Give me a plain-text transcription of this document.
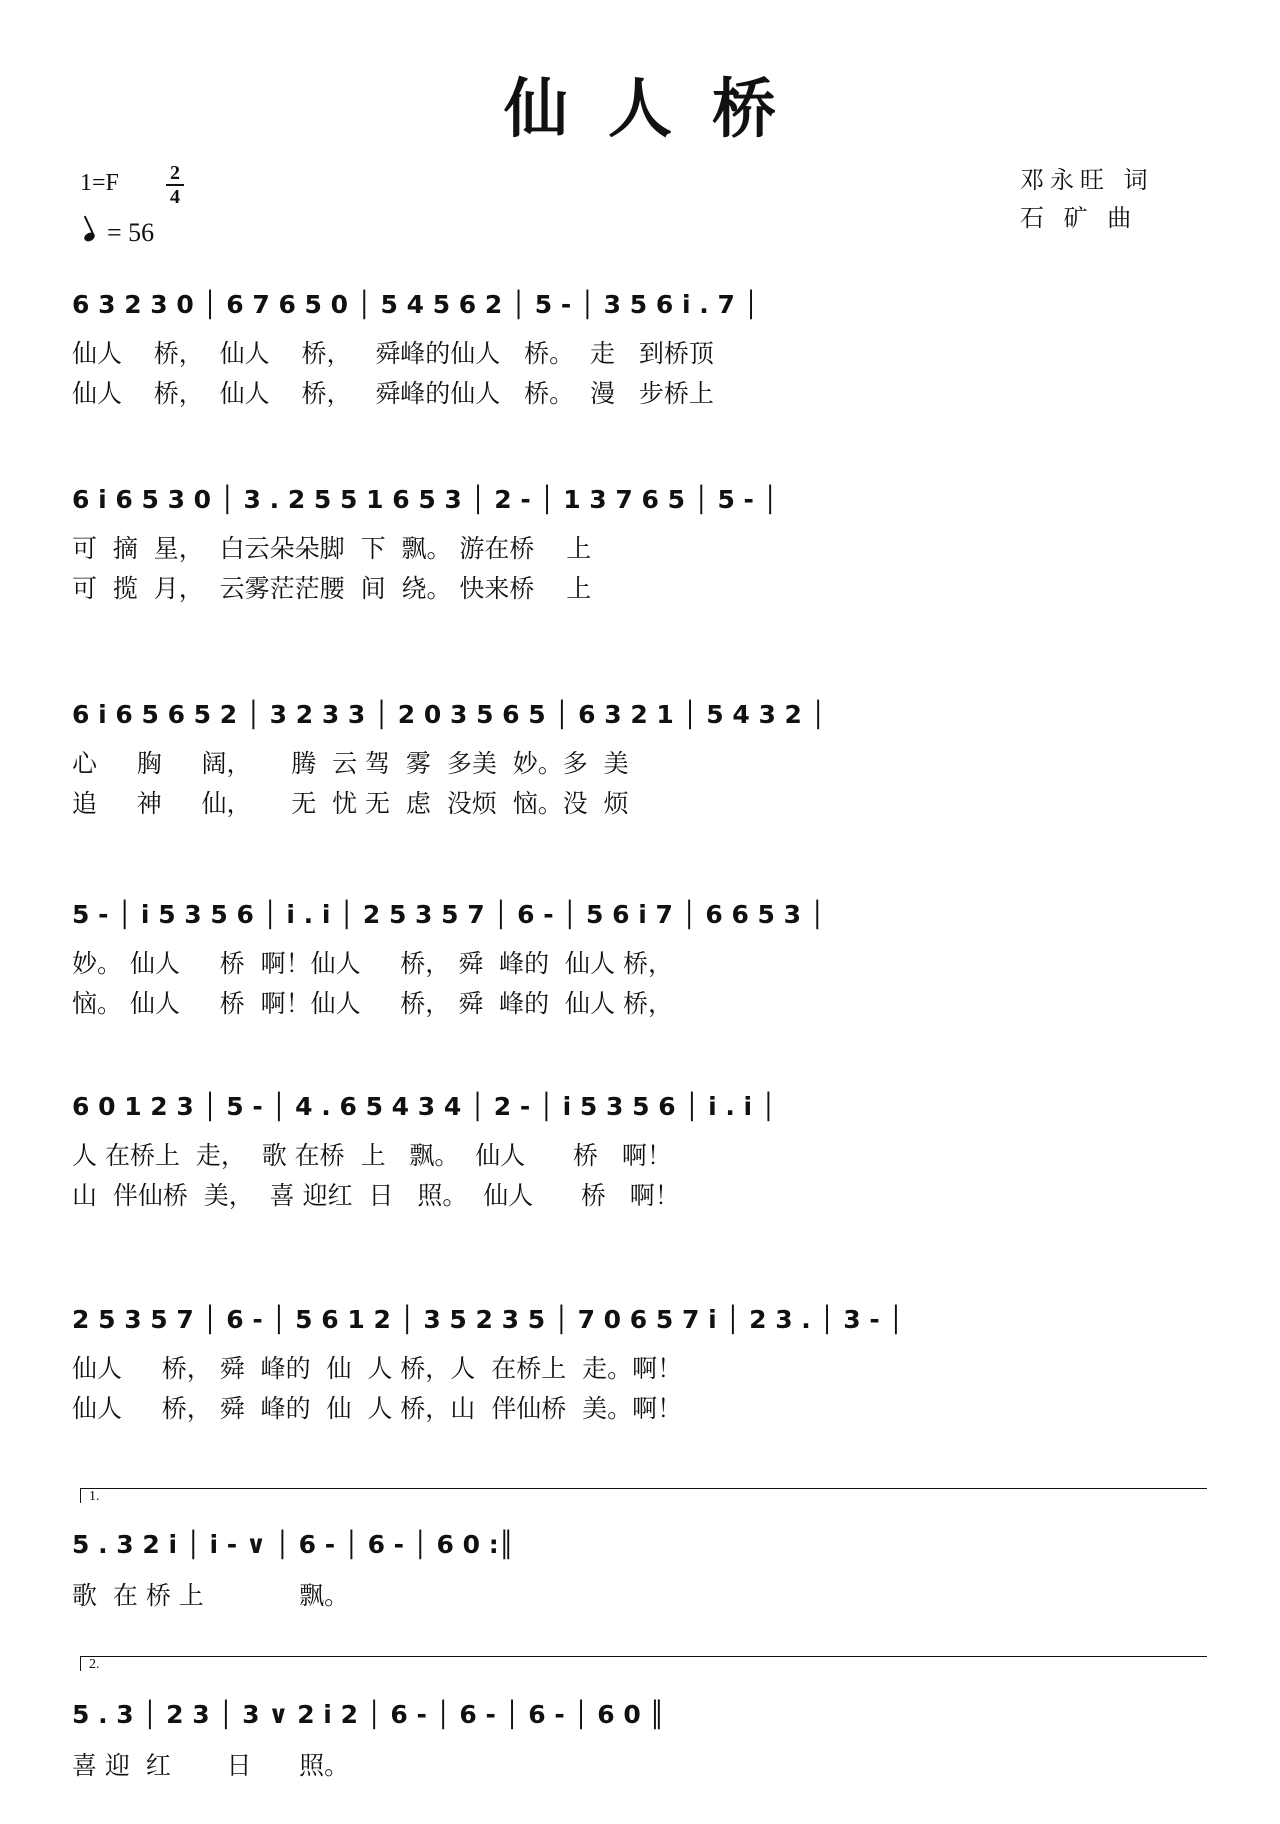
仙人桥
1=F	2
4
= 56
邓永旺 词
石 矿 曲
6 3 2 3 0 │ 6 7 6 5 0 │ 5 4 5 6 2 │ 5 - │ 3 5 6 i . 7 │
仙人    桥，  仙人    桥，   舜峰的仙人   桥。  走   到桥顶
仙人    桥，  仙人    桥，   舜峰的仙人   桥。  漫   步桥上
6 i 6 5 3 0 │ 3 . 2 5 5 1 6 5 3 │ 2 - │ 1 3 7 6 5 │ 5 - │
可  摘  星，  白云朵朵脚  下  飘。 游在桥    上
可  揽  月，  云雾茫茫腰  间  绕。 快来桥    上
6 i 6 5 6 5 2 │ 3 2 3 3 │ 2 0 3 5 6 5 │ 6 3 2 1 │ 5 4 3 2 │
心     胸     阔，     腾  云 驾  雾  多美  妙。多  美
追     神     仙，     无  忧 无  虑  没烦  恼。没  烦
5 - │ i 5 3 5 6 │ i . i │ 2 5 3 5 7 │ 6 - │ 5 6 i 7 │ 6 6 5 3 │
妙。 仙人     桥  啊！仙人     桥， 舜  峰的  仙人 桥，
恼。 仙人     桥  啊！仙人     桥， 舜  峰的  仙人 桥，
6 0 1 2 3 │ 5 - │ 4 . 6 5 4 3 4 │ 2 - │ i 5 3 5 6 │ i . i │
人 在桥上  走，  歌 在桥  上   飘。  仙人      桥   啊！
山  伴仙桥  美，  喜 迎红  日   照。  仙人      桥   啊！
2 5 3 5 7 │ 6 - │ 5 6 1 2 │ 3 5 2 3 5 │ 7 0 6 5 7 i │ 2 3 . │ 3 - │
仙人     桥， 舜  峰的  仙  人 桥，人  在桥上  走。啊！
仙人     桥， 舜  峰的  仙  人 桥，山  伴仙桥  美。啊！
1.
5 . 3 2 i │ i - ∨ │ 6 - │ 6 - │ 6 0 :║
歌  在 桥 上            飘。
2.
5 . 3 │ 2 3 │ 3 ∨ 2 i 2 │ 6 - │ 6 - │ 6 - │ 6 0 ║
喜 迎  红       日      照。
